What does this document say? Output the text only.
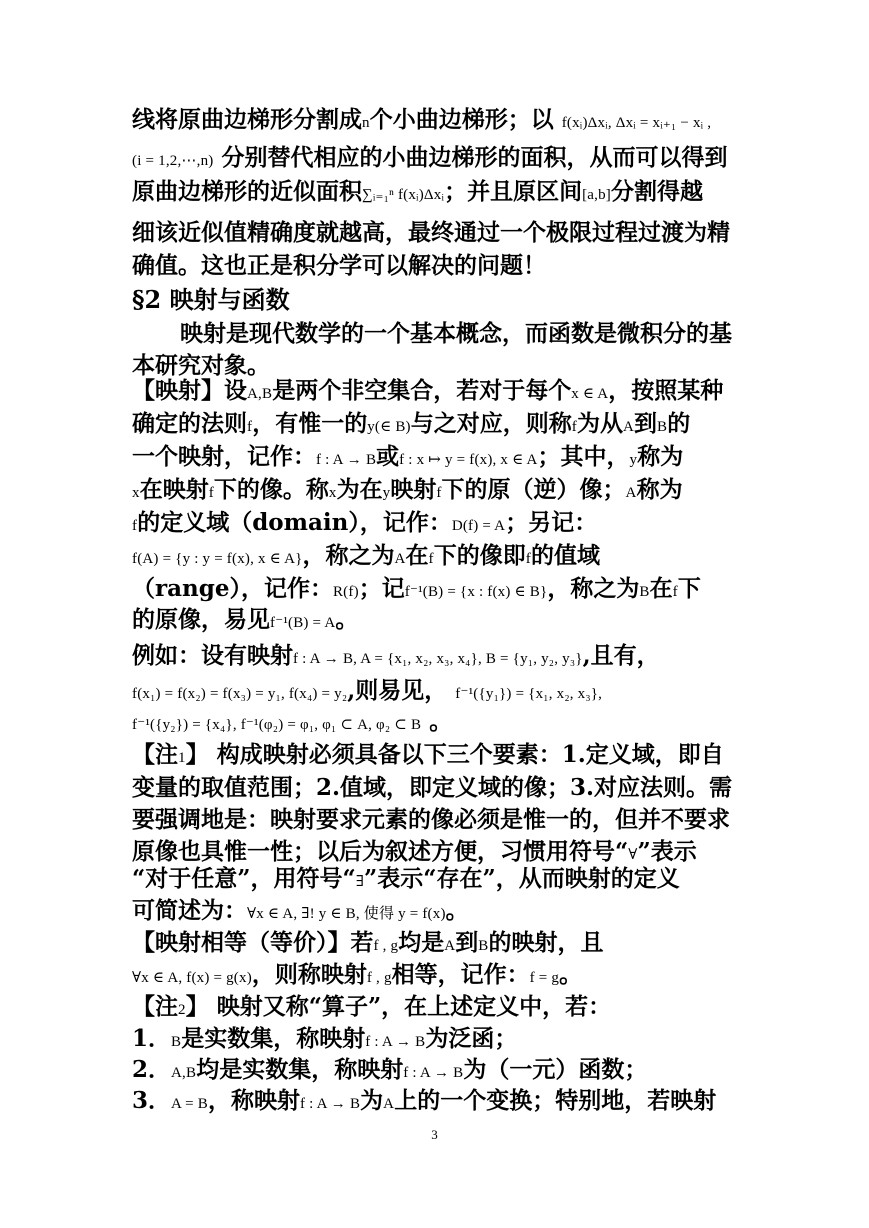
线将原曲边梯形分割成n个小曲边梯形；以 f(xᵢ)Δxᵢ, Δxᵢ = xᵢ₊₁ − xᵢ ,
(i = 1,2,⋯,n) 分别替代相应的小曲边梯形的面积，从而可以得到
原曲边梯形的近似面积∑ᵢ₌₁ⁿ f(xᵢ)Δxᵢ；并且原区间[a,b]分割得越
细该近似值精确度就越高，最终通过一个极限过程过渡为精
确值。这也正是积分学可以解决的问题！
§2 映射与函数
映射是现代数学的一个基本概念，而函数是微积分的基
本研究对象。
【映射】设A,B是两个非空集合，若对于每个x ∈ A，按照某种
确定的法则f，有惟一的y(∈ B)与之对应，则称f为从A到B的
一个映射，记作：f : A → B或f : x ↦ y = f(x), x ∈ A；其中，y称为
x在映射f下的像。称x为在y映射f下的原（逆）像；A称为
f的定义域（domain），记作：D(f) = A；另记：
f(A) = {y : y = f(x), x ∈ A}，称之为A在f下的像即f的值域
（range），记作：R(f)；记f⁻¹(B) = {x : f(x) ∈ B}，称之为B在f下
的原像，易见f⁻¹(B) = A。
例如：设有映射f : A → B, A = {x₁, x₂, x₃, x₄}, B = {y₁, y₂, y₃},且有，
f(x₁) = f(x₂) = f(x₃) = y₁, f(x₄) = y₂,则易见， f⁻¹({y₁}) = {x₁, x₂, x₃},
f⁻¹({y₂}) = {x₄}, f⁻¹(φ₂) = φ₁, φ₁ ⊂ A, φ₂ ⊂ B 。
【注1】 构成映射必须具备以下三个要素：1.定义域，即自
变量的取值范围；2.值域，即定义域的像；3.对应法则。需
要强调地是：映射要求元素的像必须是惟一的，但并不要求
原像也具惟一性；以后为叙述方便，习惯用符号“∀”表示
“对于任意”，用符号“∃”表示“存在”，从而映射的定义
可简述为：∀x ∈ A, ∃! y ∈ B, 使得 y = f(x)。
【映射相等（等价）】若f , g均是A到B的映射，且
∀x ∈ A, f(x) = g(x)，则称映射f , g相等，记作：f = g。
【注2】 映射又称“算子”，在上述定义中，若：
1．B是实数集，称映射f : A → B为泛函；
2．A,B均是实数集，称映射f : A → B为（一元）函数；
3．A = B，称映射f : A → B为A上的一个变换；特别地，若映射
3
